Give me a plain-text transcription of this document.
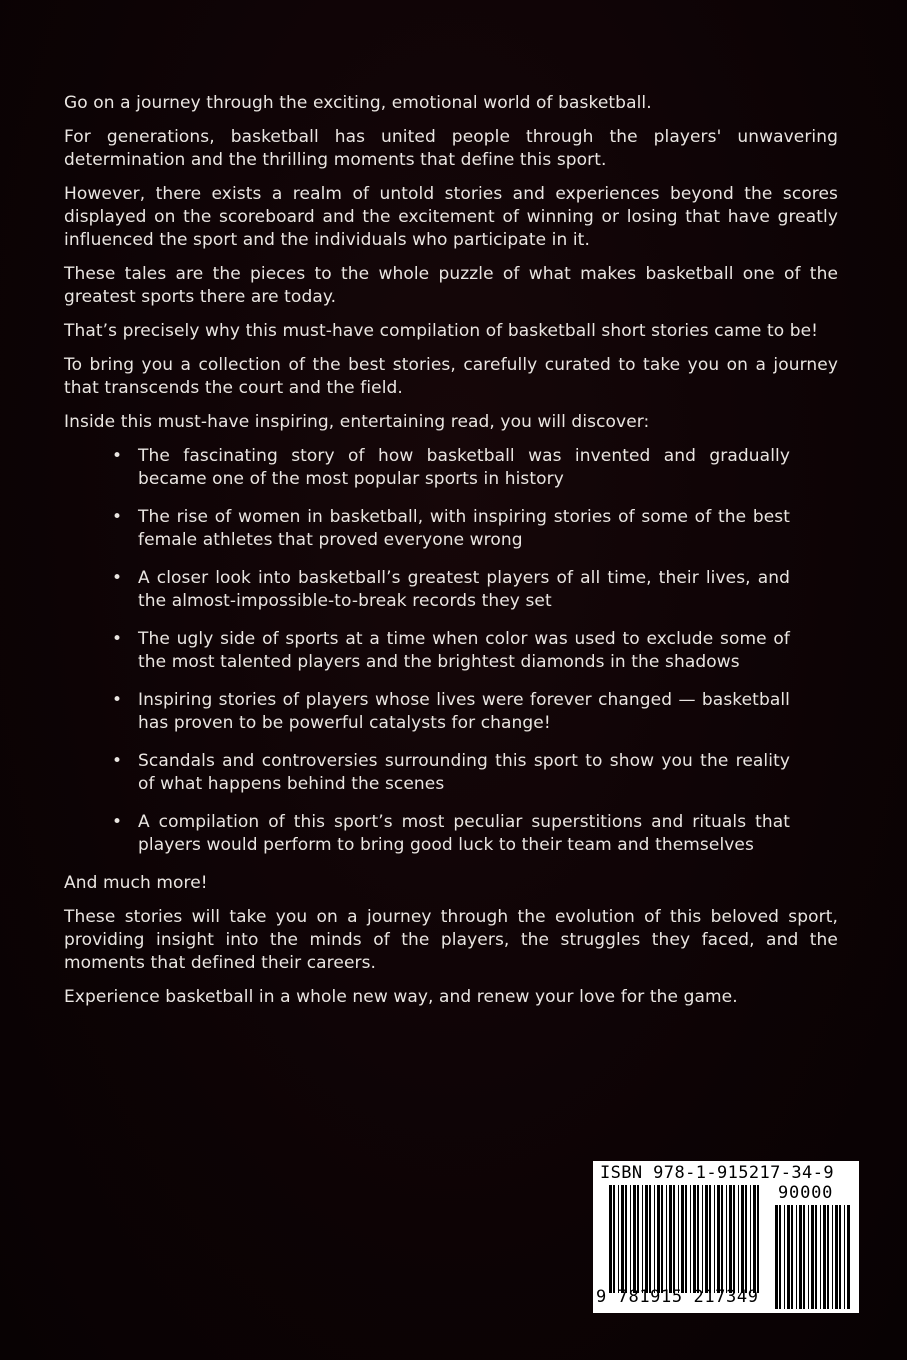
Go on a journey through the exciting, emotional world of basketball.

For generations, basketball has united people through the players' unwavering determination and the thrilling moments that define this sport.

However, there exists a realm of untold stories and experiences beyond the scores displayed on the scoreboard and the excitement of winning or losing that have greatly influenced the sport and the individuals who participate in it.

These tales are the pieces to the whole puzzle of what makes basketball one of the greatest sports there are today.

That’s precisely why this must-have compilation of basketball short stories came to be!

To bring you a collection of the best stories, carefully curated to take you on a journey that transcends the court and the field.

Inside this must-have inspiring, entertaining read, you will discover:

• The fascinating story of how basketball was invented and gradually became one of the most popular sports in history
• The rise of women in basketball, with inspiring stories of some of the best female athletes that proved everyone wrong
• A closer look into basketball’s greatest players of all time, their lives, and the almost-impossible-to-break records they set
• The ugly side of sports at a time when color was used to exclude some of the most talented players and the brightest diamonds in the shadows
• Inspiring stories of players whose lives were forever changed — basketball has proven to be powerful catalysts for change!
• Scandals and controversies surrounding this sport to show you the reality of what happens behind the scenes
• A compilation of this sport’s most peculiar superstitions and rituals that players would perform to bring good luck to their team and themselves

And much more!

These stories will take you on a journey through the evolution of this beloved sport, providing insight into the minds of the players, the struggles they faced, and the moments that defined their careers.

Experience basketball in a whole new way, and renew your love for the game.

ISBN 978-1-915217-34-9
90000
9 781915 217349
